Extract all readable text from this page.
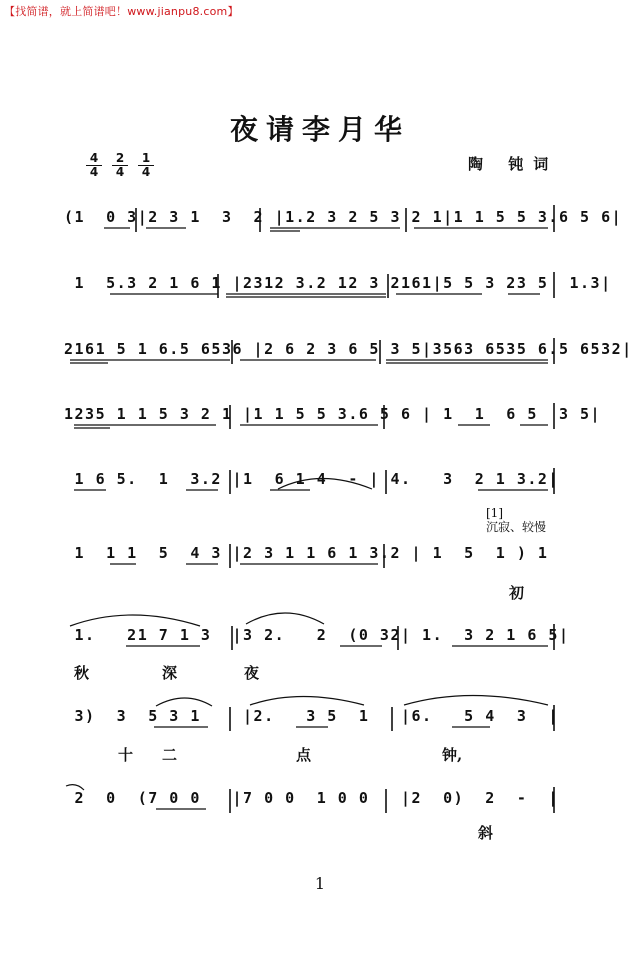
【找简谱，就上简谱吧！www.jianpu8.com】
夜请李月华
$\frac{4}{4} \frac{2}{4} \frac{1}{4}$	陶 钝词
(1  0 3|2 3 1  3  2 |1.2 3 2 5 3 2 1|1 1 5 5 3.6 5 6|
1  5.3 2 1 6 1 |2312 3.2 12 3 2161|5 5 3 23 5  1.3|
2161 5 1 6.5 6536 |2 6 2 3 6 5 3 5|3563 6535 6.5 6532|
1235 1 1 5 3 2 1 |1 1 5 5 3.6 5 6 | 1  1  6 5  3 5|
1 6 5.  1  3.2 |1  6 1 4  - | 4.   3  2 1 3.2|
1  1 1  5  4 3 |2 3 1 1 6 1 3.2 | 1  5  1 ) 1
1.   21 7 1 3  |3 2.   2  (0 32| 1.  3 2 1 6 5|
3)  3  5 3 1    |2.   3 5  1   |6.   5 4  3  |
2  0  (7 0 0   |7 0 0  1 0 0   |2  0)  2  -  |
[1]
沉寂、较慢
初
秋	深	夜
十 二	点	钟,
斜
1
